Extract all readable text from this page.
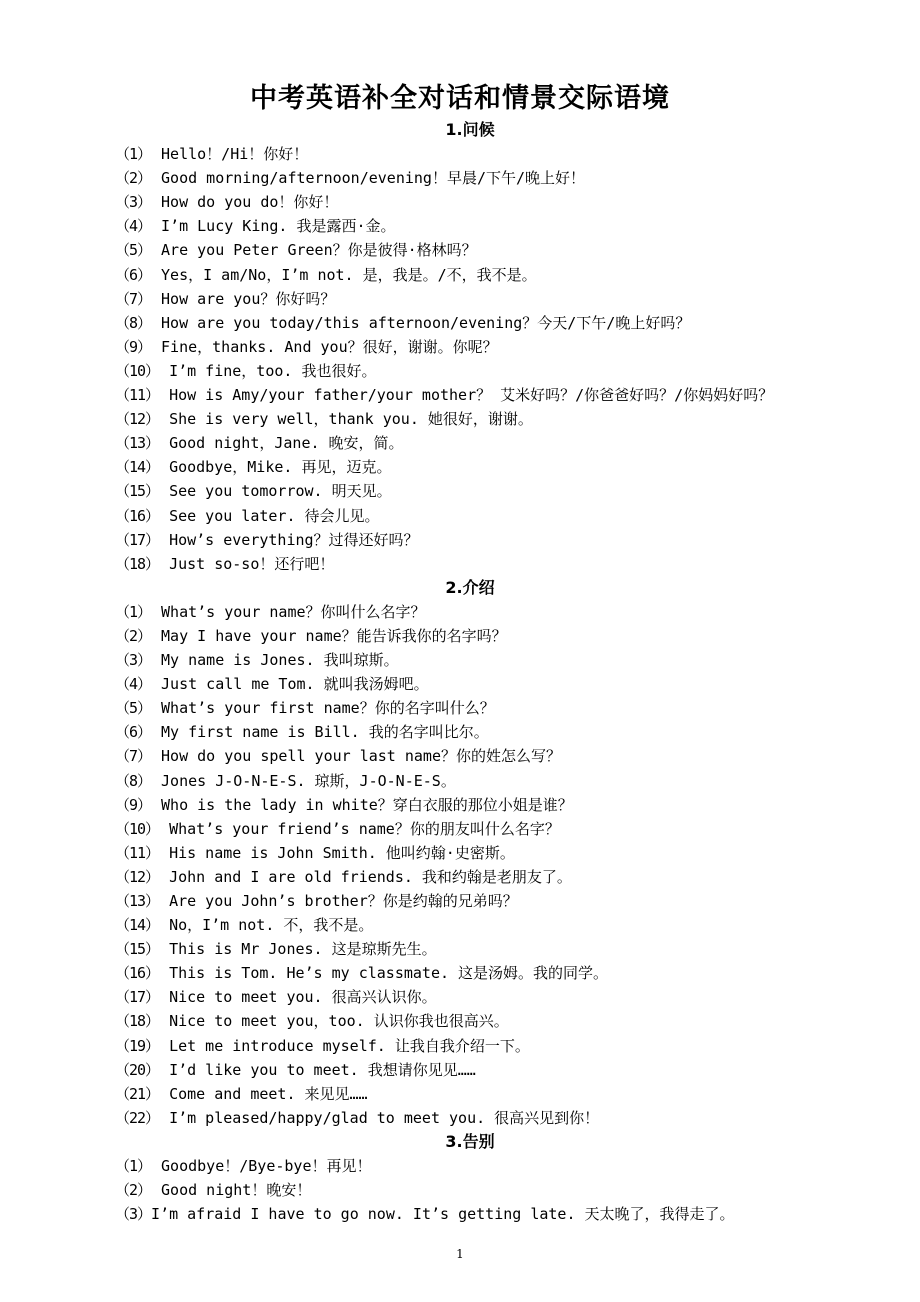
中考英语补全对话和情景交际语境
1.问候
（1） Hello！/Hi！你好！
（2） Good morning/afternoon/evening！早晨/下午/晚上好！
（3） How do you do！你好！
（4） I’m Lucy King. 我是露西·金。
（5） Are you Peter Green？你是彼得·格林吗？
（6） Yes，I am/No，I’m not. 是，我是。/不，我不是。
（7） How are you？你好吗？
（8） How are you today/this afternoon/evening？今天/下午/晚上好吗？
（9） Fine，thanks. And you？很好，谢谢。你呢？
（10） I’m fine，too. 我也很好。
（11） How is Amy/your father/your mother？ 艾米好吗？/你爸爸好吗？/你妈妈好吗？
（12） She is very well，thank you. 她很好，谢谢。
（13） Good night，Jane. 晚安，简。
（14） Goodbye，Mike. 再见，迈克。
（15） See you tomorrow. 明天见。
（16） See you later. 待会儿见。
（17） How’s everything？过得还好吗？
（18） Just so-so！还行吧！
2.介绍
（1） What’s your name？你叫什么名字？
（2） May I have your name？能告诉我你的名字吗？
（3） My name is Jones. 我叫琼斯。
（4） Just call me Tom. 就叫我汤姆吧。
（5） What’s your first name？你的名字叫什么？
（6） My first name is Bill. 我的名字叫比尔。
（7） How do you spell your last name？你的姓怎么写？
（8） Jones J-O-N-E-S. 琼斯，J-O-N-E-S。
（9） Who is the lady in white？穿白衣服的那位小姐是谁？
（10） What’s your friend’s name？你的朋友叫什么名字？
（11） His name is John Smith. 他叫约翰·史密斯。
（12） John and I are old friends. 我和约翰是老朋友了。
（13） Are you John’s brother？你是约翰的兄弟吗？
（14） No，I’m not. 不，我不是。
（15） This is Mr Jones. 这是琼斯先生。
（16） This is Tom. He’s my classmate. 这是汤姆。我的同学。
（17） Nice to meet you. 很高兴认识你。
（18） Nice to meet you，too. 认识你我也很高兴。
（19） Let me introduce myself. 让我自我介绍一下。
（20） I’d like you to meet. 我想请你见见……
（21） Come and meet. 来见见……
（22） I’m pleased/happy/glad to meet you. 很高兴见到你！
3.告别
（1） Goodbye！/Bye-bye！再见！
（2） Good night！晚安！
（3）I’m afraid I have to go now. It’s getting late. 天太晚了，我得走了。
1
